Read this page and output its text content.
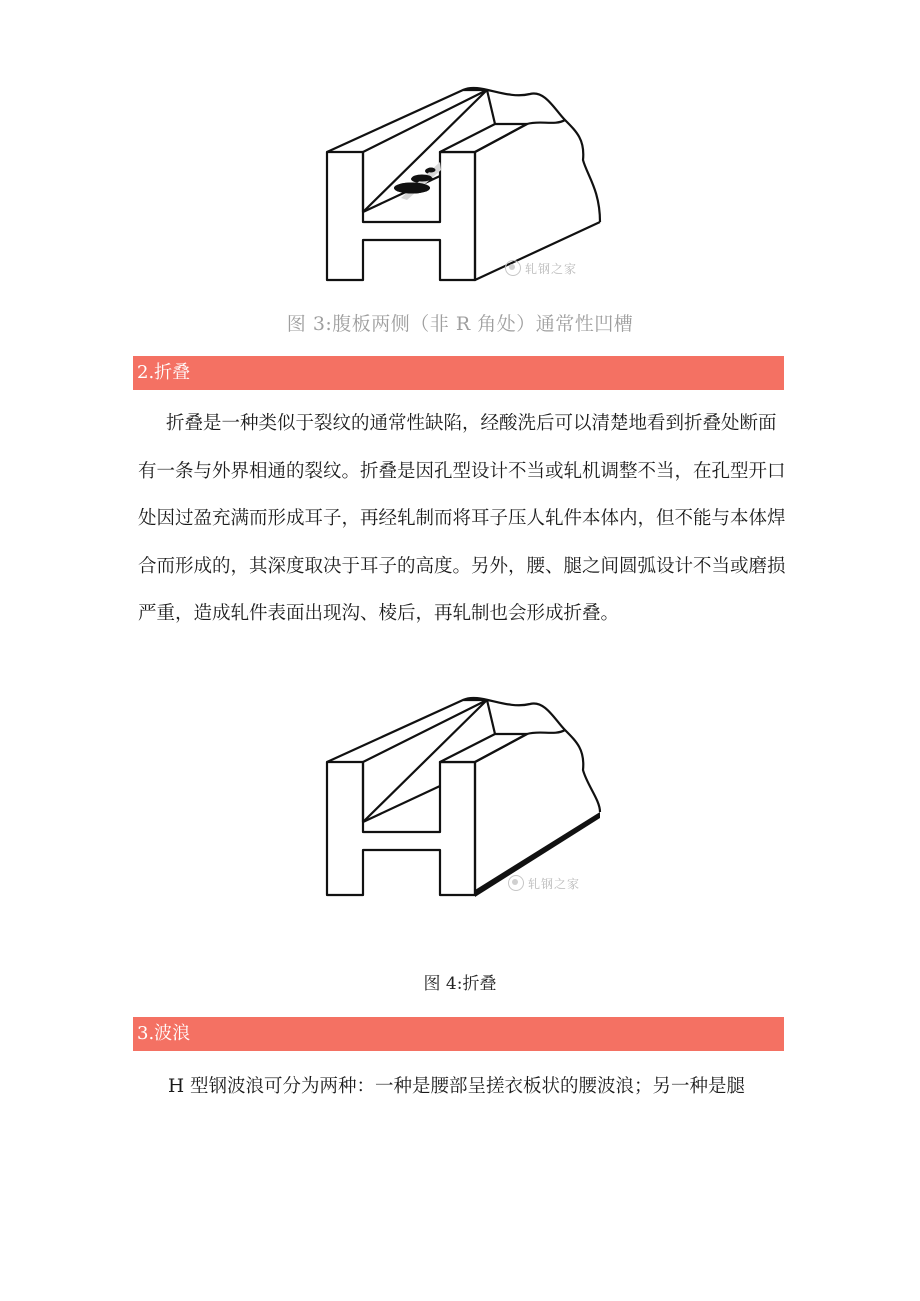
轧钢之家
图 3:腹板两侧（非 R 角处）通常性凹槽
2.折叠

折叠是一种类似于裂纹的通常性缺陷，经酸洗后可以清楚地看到折叠处断面有一条与外界相通的裂纹。折叠是因孔型设计不当或轧机调整不当，在孔型开口处因过盈充满而形成耳子，再经轧制而将耳子压人轧件本体内，但不能与本体焊合而形成的，其深度取决于耳子的高度。另外，腰、腿之间圆弧设计不当或磨损严重，造成轧件表面出现沟、棱后，再轧制也会形成折叠。

轧钢之家
图 4:折叠
3.波浪

H 型钢波浪可分为两种：一种是腰部呈搓衣板状的腰波浪；另一种是腿
